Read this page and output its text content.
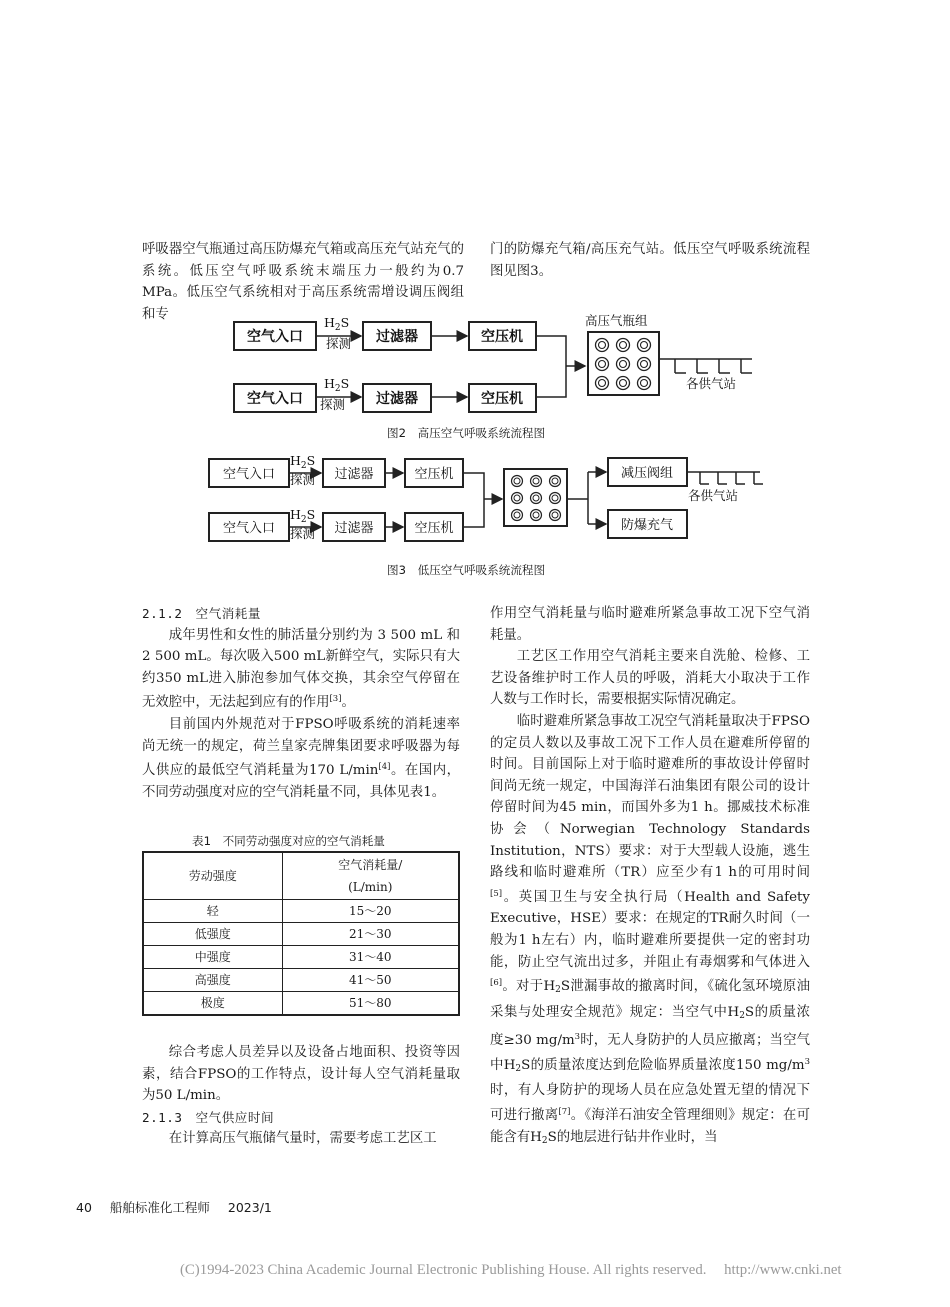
呼吸器空气瓶通过高压防爆充气箱或高压充气站充气的系统。低压空气呼吸系统末端压力一般约为0.7 MPa。低压空气系统相对于高压系统需增设调压阀组和专

门的防爆充气箱/高压充气站。低压空气呼吸系统流程图见图3。

空气入口
$H_2S$
探测 过滤器	空压机
空气入口
$H_2S$
探测 过滤器	空压机
高压气瓶组
各供气站
空气入口
$H_2S$
探测 过滤器	空压机
空气入口
$H_2S$
探测 过滤器	空压机
减压阀组
防爆充气
各供气站
图2　高压空气呼吸系统流程图
图3　低压空气呼吸系统流程图

2.1.2　空气消耗量

成年男性和女性的肺活量分别约为 3 500 mL 和2 500 mL。每次吸入500 mL新鲜空气，实际只有大约350 mL进入肺泡参加气体交换，其余空气停留在无效腔中，无法起到应有的作用[3]。

目前国内外规范对于FPSO呼吸系统的消耗速率尚无统一的规定，荷兰皇家壳牌集团要求呼吸器为每人供应的最低空气消耗量为170 L/min[4]。在国内，不同劳动强度对应的空气消耗量不同，具体见表1。

表1　不同劳动强度对应的空气消耗量
劳动强度	空气消耗量/
(L/min)
轻	15～20
低强度	21～30
中强度	31～40
高强度	41～50
极度	51～80

综合考虑人员差异以及设备占地面积、投资等因素，结合FPSO的工作特点，设计每人空气消耗量取为50 L/min。

2.1.3　空气供应时间

在计算高压气瓶储气量时，需要考虑工艺区工

作用空气消耗量与临时避难所紧急事故工况下空气消耗量。

工艺区工作用空气消耗主要来自洗舱、检修、工艺设备维护时工作人员的呼吸，消耗大小取决于工作人数与工作时长，需要根据实际情况确定。

临时避难所紧急事故工况空气消耗量取决于FPSO的定员人数以及事故工况下工作人员在避难所停留的时间。目前国际上对于临时避难所的事故设计停留时间尚无统一规定，中国海洋石油集团有限公司的设计停留时间为45 min，而国外多为1 h。挪威技术标准协会（Norwegian Technology Standards Institution，NTS）要求：对于大型载人设施，逃生路线和临时避难所（TR）应至少有1 h的可用时间[5]。英国卫生与安全执行局（Health and Safety Executive，HSE）要求：在规定的TR耐久时间（一般为1 h左右）内，临时避难所要提供一定的密封功能，防止空气流出过多，并阻止有毒烟雾和气体进入[6]。对于$H_2S$泄漏事故的撤离时间，《硫化氢环境原油采集与处理安全规范》规定：当空气中$H_2S$的质量浓度≥30 $mg/m^3$时，无人身防护的人员应撤离；当空气中$H_2S$的质量浓度达到危险临界质量浓度150 $mg/m^3$时，有人身防护的现场人员在应急处置无望的情况下可进行撤离[7]。《海洋石油安全管理细则》规定：在可能含有$H_2S$的地层进行钻井作业时，当

40 船舶标准化工程师 2023/1
(C)1994-2023 China Academic Journal Electronic Publishing House. All rights reserved. http://www.cnki.net
